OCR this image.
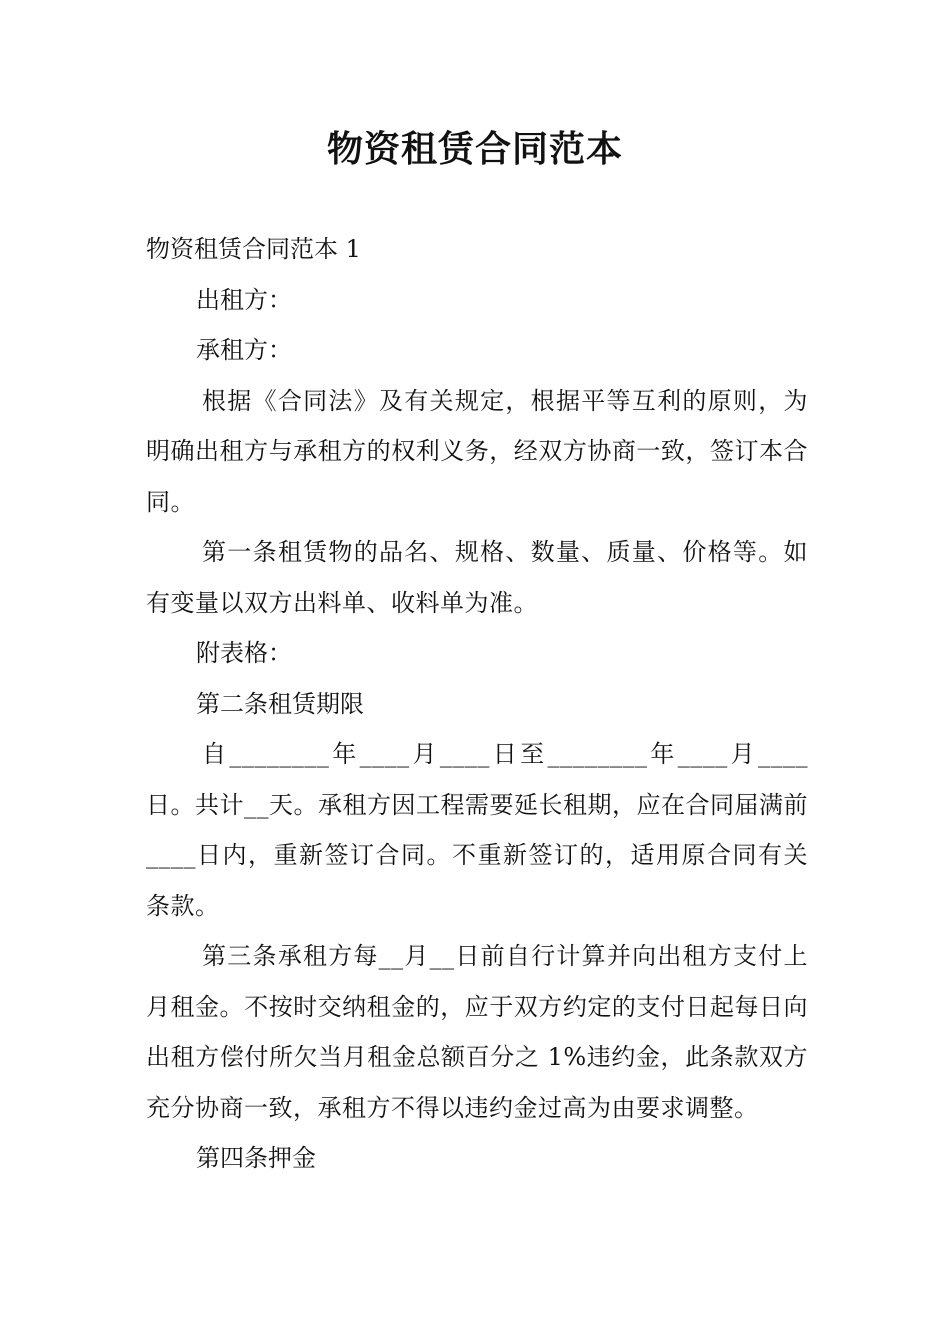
物资租赁合同范本

物资租赁合同范本 1

出租方：

承租方：

根据《合同法》及有关规定，根据平等互利的原则，为明确出租方与承租方的权利义务，经双方协商一致，签订本合同。

第一条租赁物的品名、规格、数量、质量、价格等。如有变量以双方出料单、收料单为准。

附表格：

第二条租赁期限

自________年____月____日至________年____月____日。共计__天。承租方因工程需要延长租期，应在合同届满前____日内，重新签订合同。不重新签订的，适用原合同有关条款。

第三条承租方每__月__日前自行计算并向出租方支付上月租金。不按时交纳租金的，应于双方约定的支付日起每日向出租方偿付所欠当月租金总额百分之 1%违约金，此条款双方充分协商一致，承租方不得以违约金过高为由要求调整。

第四条押金
